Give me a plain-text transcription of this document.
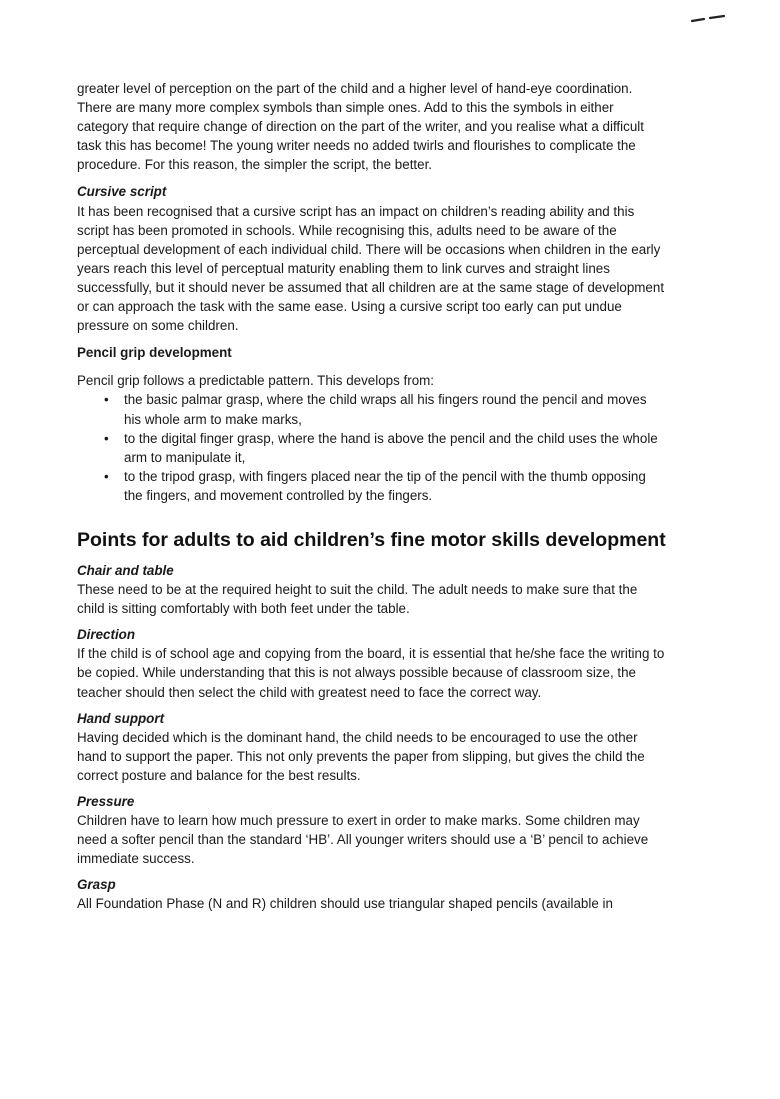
greater level of perception on the part of the child and a higher level of hand-eye coordination. There are many more complex symbols than simple ones. Add to this the symbols in either category that require change of direction on the part of the writer, and you realise what a difficult task this has become! The young writer needs no added twirls and flourishes to complicate the procedure. For this reason, the simpler the script, the better.

Cursive script

It has been recognised that a cursive script has an impact on children’s reading ability and this script has been promoted in schools. While recognising this, adults need to be aware of the perceptual development of each individual child. There will be occasions when children in the early years reach this level of perceptual maturity enabling them to link curves and straight lines successfully, but it should never be assumed that all children are at the same stage of development or can approach the task with the same ease. Using a cursive script too early can put undue pressure on some children.

Pencil grip development

Pencil grip follows a predictable pattern. This develops from:

• the basic palmar grasp, where the child wraps all his fingers round the pencil and moves his whole arm to make marks,
• to the digital finger grasp, where the hand is above the pencil and the child uses the whole arm to manipulate it,
• to the tripod grasp, with fingers placed near the tip of the pencil with the thumb opposing the fingers, and movement controlled by the fingers.

Points for adults to aid children’s fine motor skills development

Chair and table

These need to be at the required height to suit the child. The adult needs to make sure that the child is sitting comfortably with both feet under the table.

Direction

If the child is of school age and copying from the board, it is essential that he/she face the writing to be copied. While understanding that this is not always possible because of classroom size, the teacher should then select the child with greatest need to face the correct way.

Hand support

Having decided which is the dominant hand, the child needs to be encouraged to use the other hand to support the paper. This not only prevents the paper from slipping, but gives the child the correct posture and balance for the best results.

Pressure

Children have to learn how much pressure to exert in order to make marks. Some children may need a softer pencil than the standard ‘HB’. All younger writers should use a ‘B’ pencil to achieve immediate success.

Grasp

All Foundation Phase (N and R) children should use triangular shaped pencils (available in
